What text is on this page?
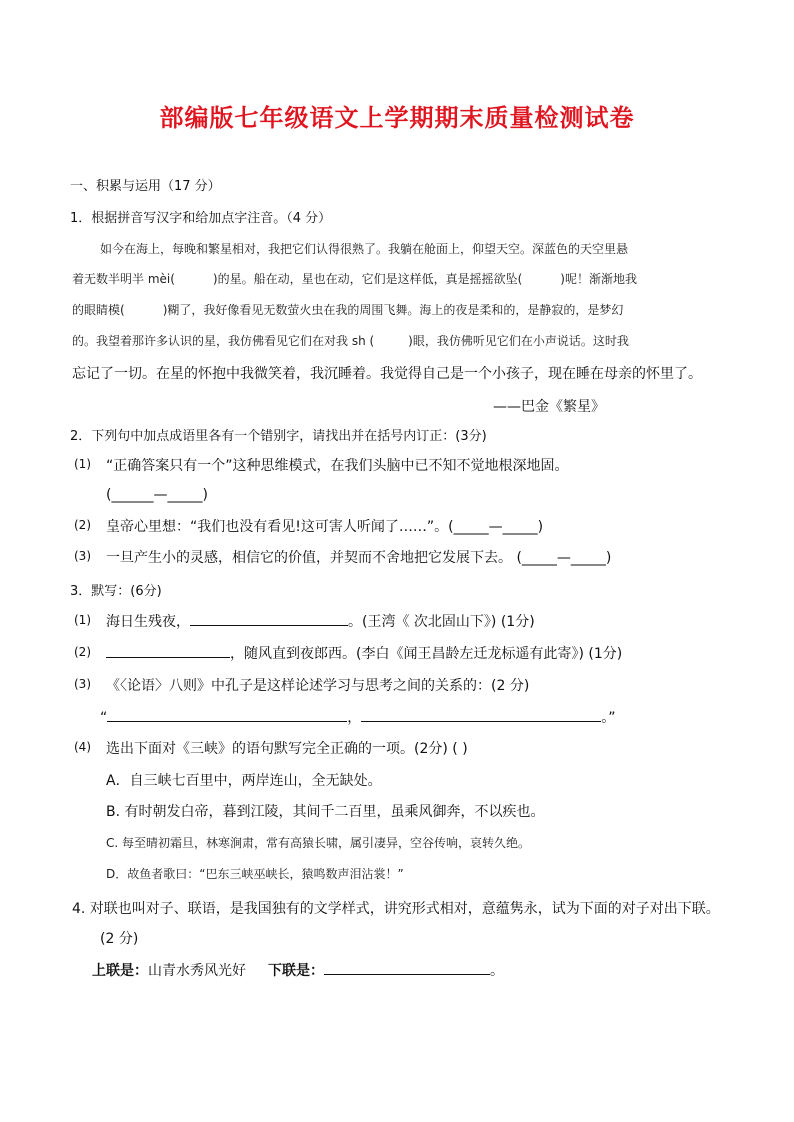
部编版七年级语文上学期期末质量检测试卷
一、积累与运用（17 分）
1．根据拼音写汉字和给加点字注音。（4 分）
如今在海上，每晚和繁星相对，我把它们认得很熟了。我躺在舱面上，仰望天空。深蓝色的天空里悬
着无数半明半 mèi(	)的星。船在动，星也在动，它们是这样低，真是摇摇欲坠(	)呢！渐渐地我
的眼睛模(	)糊了，我好像看见无数萤火虫在我的周围飞舞。海上的夜是柔和的，是静寂的，是梦幻
的。我望着那许多认识的星，我仿佛看见它们在对我 sh (	)眼，我仿佛听见它们在小声说话。这时我
忘记了一切。在星的怀抱中我微笑着，我沉睡着。我觉得自己是一个小孩子，现在睡在母亲的怀里了。
——巴金《繁星》
2．下列句中加点成语里各有一个错别字，请找出并在括号内订正：(3分)
(1) “正确答案只有一个”这种思维模式，在我们头脑中已不知不觉地根深地固。
(______—_____)
(2) 皇帝心里想：“我们也没有看见!这可害人听闻了……”。(_____—_____)
(3) 一旦产生小的灵感，相信它的价值，并契而不舍地把它发展下去。 (_____—_____)
3．默写：(6分)
(1) 海日生残夜，	。(王湾《 次北固山下》) (1分)
(2)	，随风直到夜郎西。(李白《闻王昌龄左迁龙标遥有此寄》) (1分)
(3) 《〈论语〉八则》中孔子是这样论述学习与思考之间的关系的：(2 分)
“	，	。”
(4) 选出下面对《三峡》的语句默写完全正确的一项。(2分) ( )
A．自三峡七百里中，两岸连山，全无缺处。
B. 有时朝发白帝，暮到江陵，其间千二百里，虽乘风御奔，不以疾也。
C. 每至晴初霜旦，林寒涧肃，常有高猿长啸，属引凄异，空谷传响，哀转久绝。
D．故鱼者歌曰：“巴东三峡巫峡长，猿鸣数声泪沾裳！”
4. 对联也叫对子、联语，是我国独有的文学样式，讲究形式相对，意蕴隽永，试为下面的对子对出下联。
(2 分)
上联是：山青水秀风光好 下联是：	。
